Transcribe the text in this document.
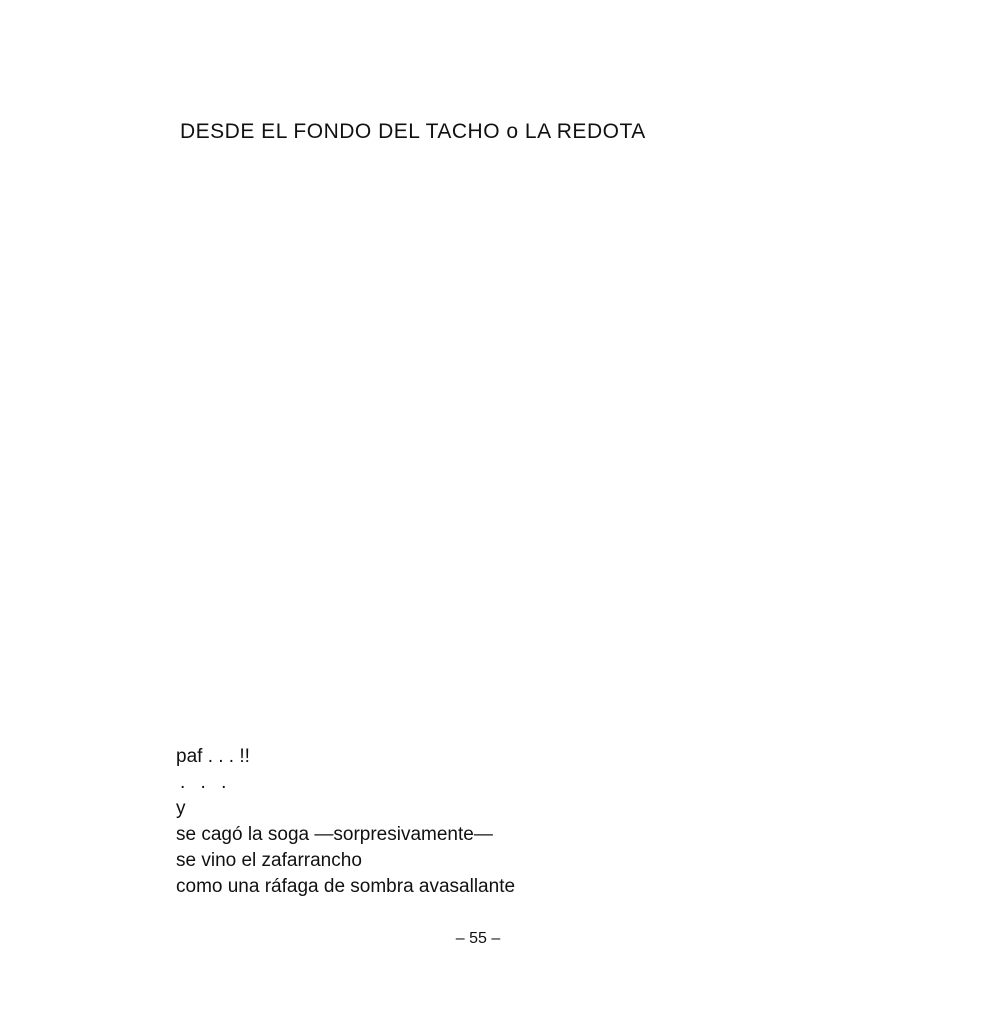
DESDE EL FONDO DEL TACHO o LA REDOTA
paf . . . !!
. . .
y
se cagó la soga —sorpresivamente—
se vino el zafarrancho
como una ráfaga de sombra avasallante
– 55 –
